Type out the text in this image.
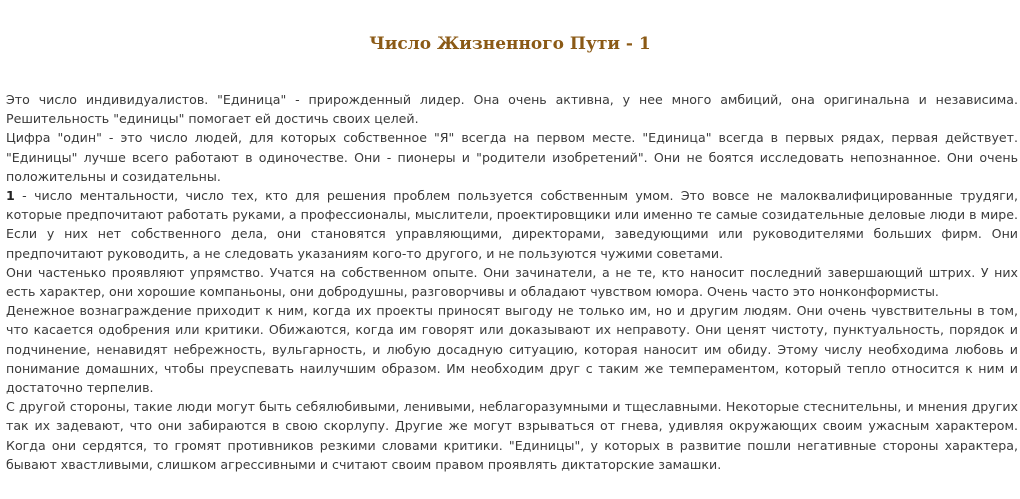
Число Жизненного Пути - 1

Это число индивидуалистов. "Единица" - прирожденный лидер. Она очень активна, у нее много амбиций, она оригинальна и независима. Решительность "единицы" помогает ей достичь своих целей.

Цифра "один" - это число людей, для которых собственное "Я" всегда на первом месте. "Единица" всегда в первых рядах, первая действует. "Единицы" лучше всего работают в одиночестве. Они - пионеры и "родители изобретений". Они не боятся исследовать непознанное. Они очень положительны и созидательны.

1 - число ментальности, число тех, кто для решения проблем пользуется собственным умом. Это вовсе не малоквалифицированные трудяги, которые предпочитают работать руками, а профессионалы, мыслители, проектировщики или именно те самые созидательные деловые люди в мире. Если у них нет собственного дела, они становятся управляющими, директорами, заведующими или руководителями больших фирм. Они предпочитают руководить, а не следовать указаниям кого-то другого, и не пользуются чужими советами.

Они частенько проявляют упрямство. Учатся на собственном опыте. Они зачинатели, а не те, кто наносит последний завершающий штрих. У них есть характер, они хорошие компаньоны, они добродушны, разговорчивы и обладают чувством юмора. Очень часто это нонконформисты.

Денежное вознаграждение приходит к ним, когда их проекты приносят выгоду не только им, но и другим людям. Они очень чувствительны в том, что касается одобрения или критики. Обижаются, когда им говорят или доказывают их неправоту. Они ценят чистоту, пунктуальность, порядок и подчинение, ненавидят небрежность, вульгарность, и любую досадную ситуацию, которая наносит им обиду. Этому числу необходима любовь и понимание домашних, чтобы преуспевать наилучшим образом. Им необходим друг с таким же темпераментом, который тепло относится к ним и достаточно терпелив.

С другой стороны, такие люди могут быть себялюбивыми, ленивыми, неблагоразумными и тщеславными. Некоторые стеснительны, и мнения других так их задевают, что они забираются в свою скорлупу. Другие же могут взрываться от гнева, удивляя окружающих своим ужасным характером. Когда они сердятся, то громят противников резкими словами критики. "Единицы", у которых в развитие пошли негативные стороны характера, бывают хвастливыми, слишком агрессивными и считают своим правом проявлять диктаторские замашки.
